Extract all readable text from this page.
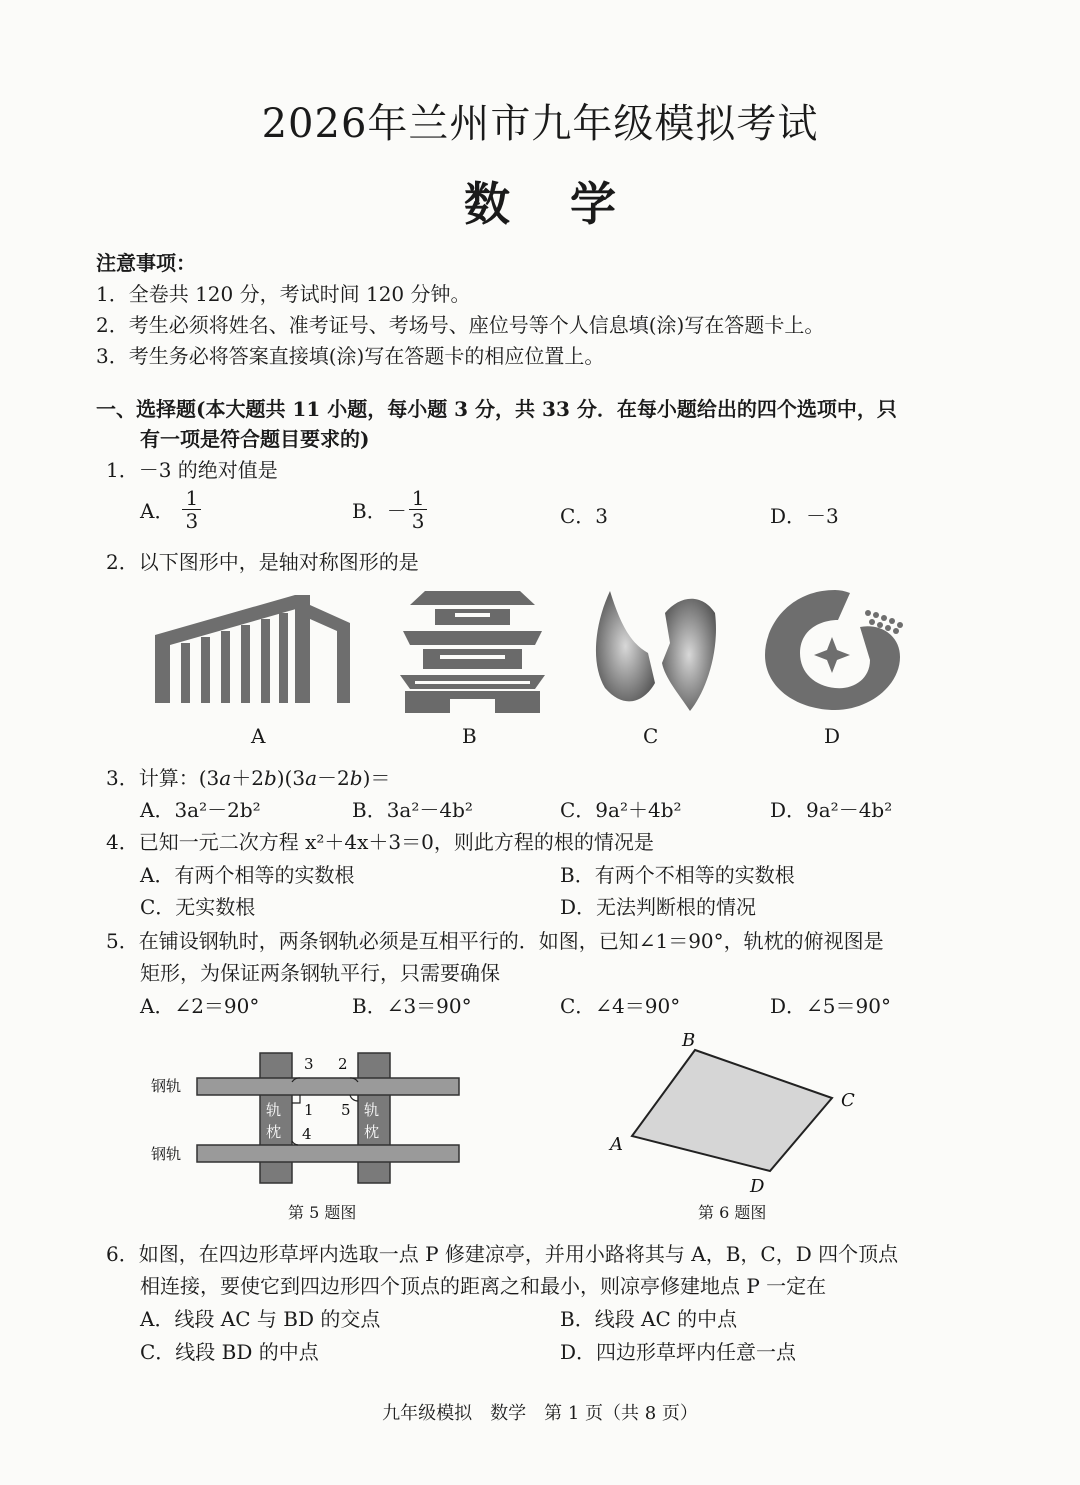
2026年兰州市九年级模拟考试
数学
注意事项：
1．全卷共 120 分，考试时间 120 分钟。
2．考生必须将姓名、准考证号、考场号、座位号等个人信息填(涂)写在答题卡上。
3．考生务必将答案直接填(涂)写在答题卡的相应位置上。
一、选择题(本大题共 11 小题，每小题 3 分，共 33 分．在每小题给出的四个选项中，只
有一项是符合题目要求的)
1．－3 的绝对值是
A． $\frac{1}{3}$	B．－ $\frac{1}{3}$	C．3	D．－3
2．以下图形中，是轴对称图形的是
A	B	C	D
3．计算：(3a＋2b)(3a－2b)＝
A．3a²－2b²	B．3a²－4b²	C．9a²＋4b²	D．9a²－4b²
4．已知一元二次方程 x²＋4x＋3＝0，则此方程的根的情况是
A．有两个相等的实数根	B．有两个不相等的实数根
C．无实数根	D．无法判断根的情况
5．在铺设钢轨时，两条钢轨必须是互相平行的．如图，已知∠1＝90°，轨枕的俯视图是
矩形，为保证两条钢轨平行，只需要确保
A．∠2＝90°	B．∠3＝90°	C．∠4＝90°	D．∠5＝90°
钢轨
钢轨
轨
枕
轨
枕
1
2
3
4
5
第 5 题图
A
B
C
D
第 6 题图
6．如图，在四边形草坪内选取一点 P 修建凉亭，并用小路将其与 A，B，C，D 四个顶点
相连接，要使它到四边形四个顶点的距离之和最小，则凉亭修建地点 P 一定在
A．线段 AC 与 BD 的交点	B．线段 AC 的中点
C．线段 BD 的中点	D．四边形草坪内任意一点
九年级模拟　数学　第 1 页（共 8 页）
